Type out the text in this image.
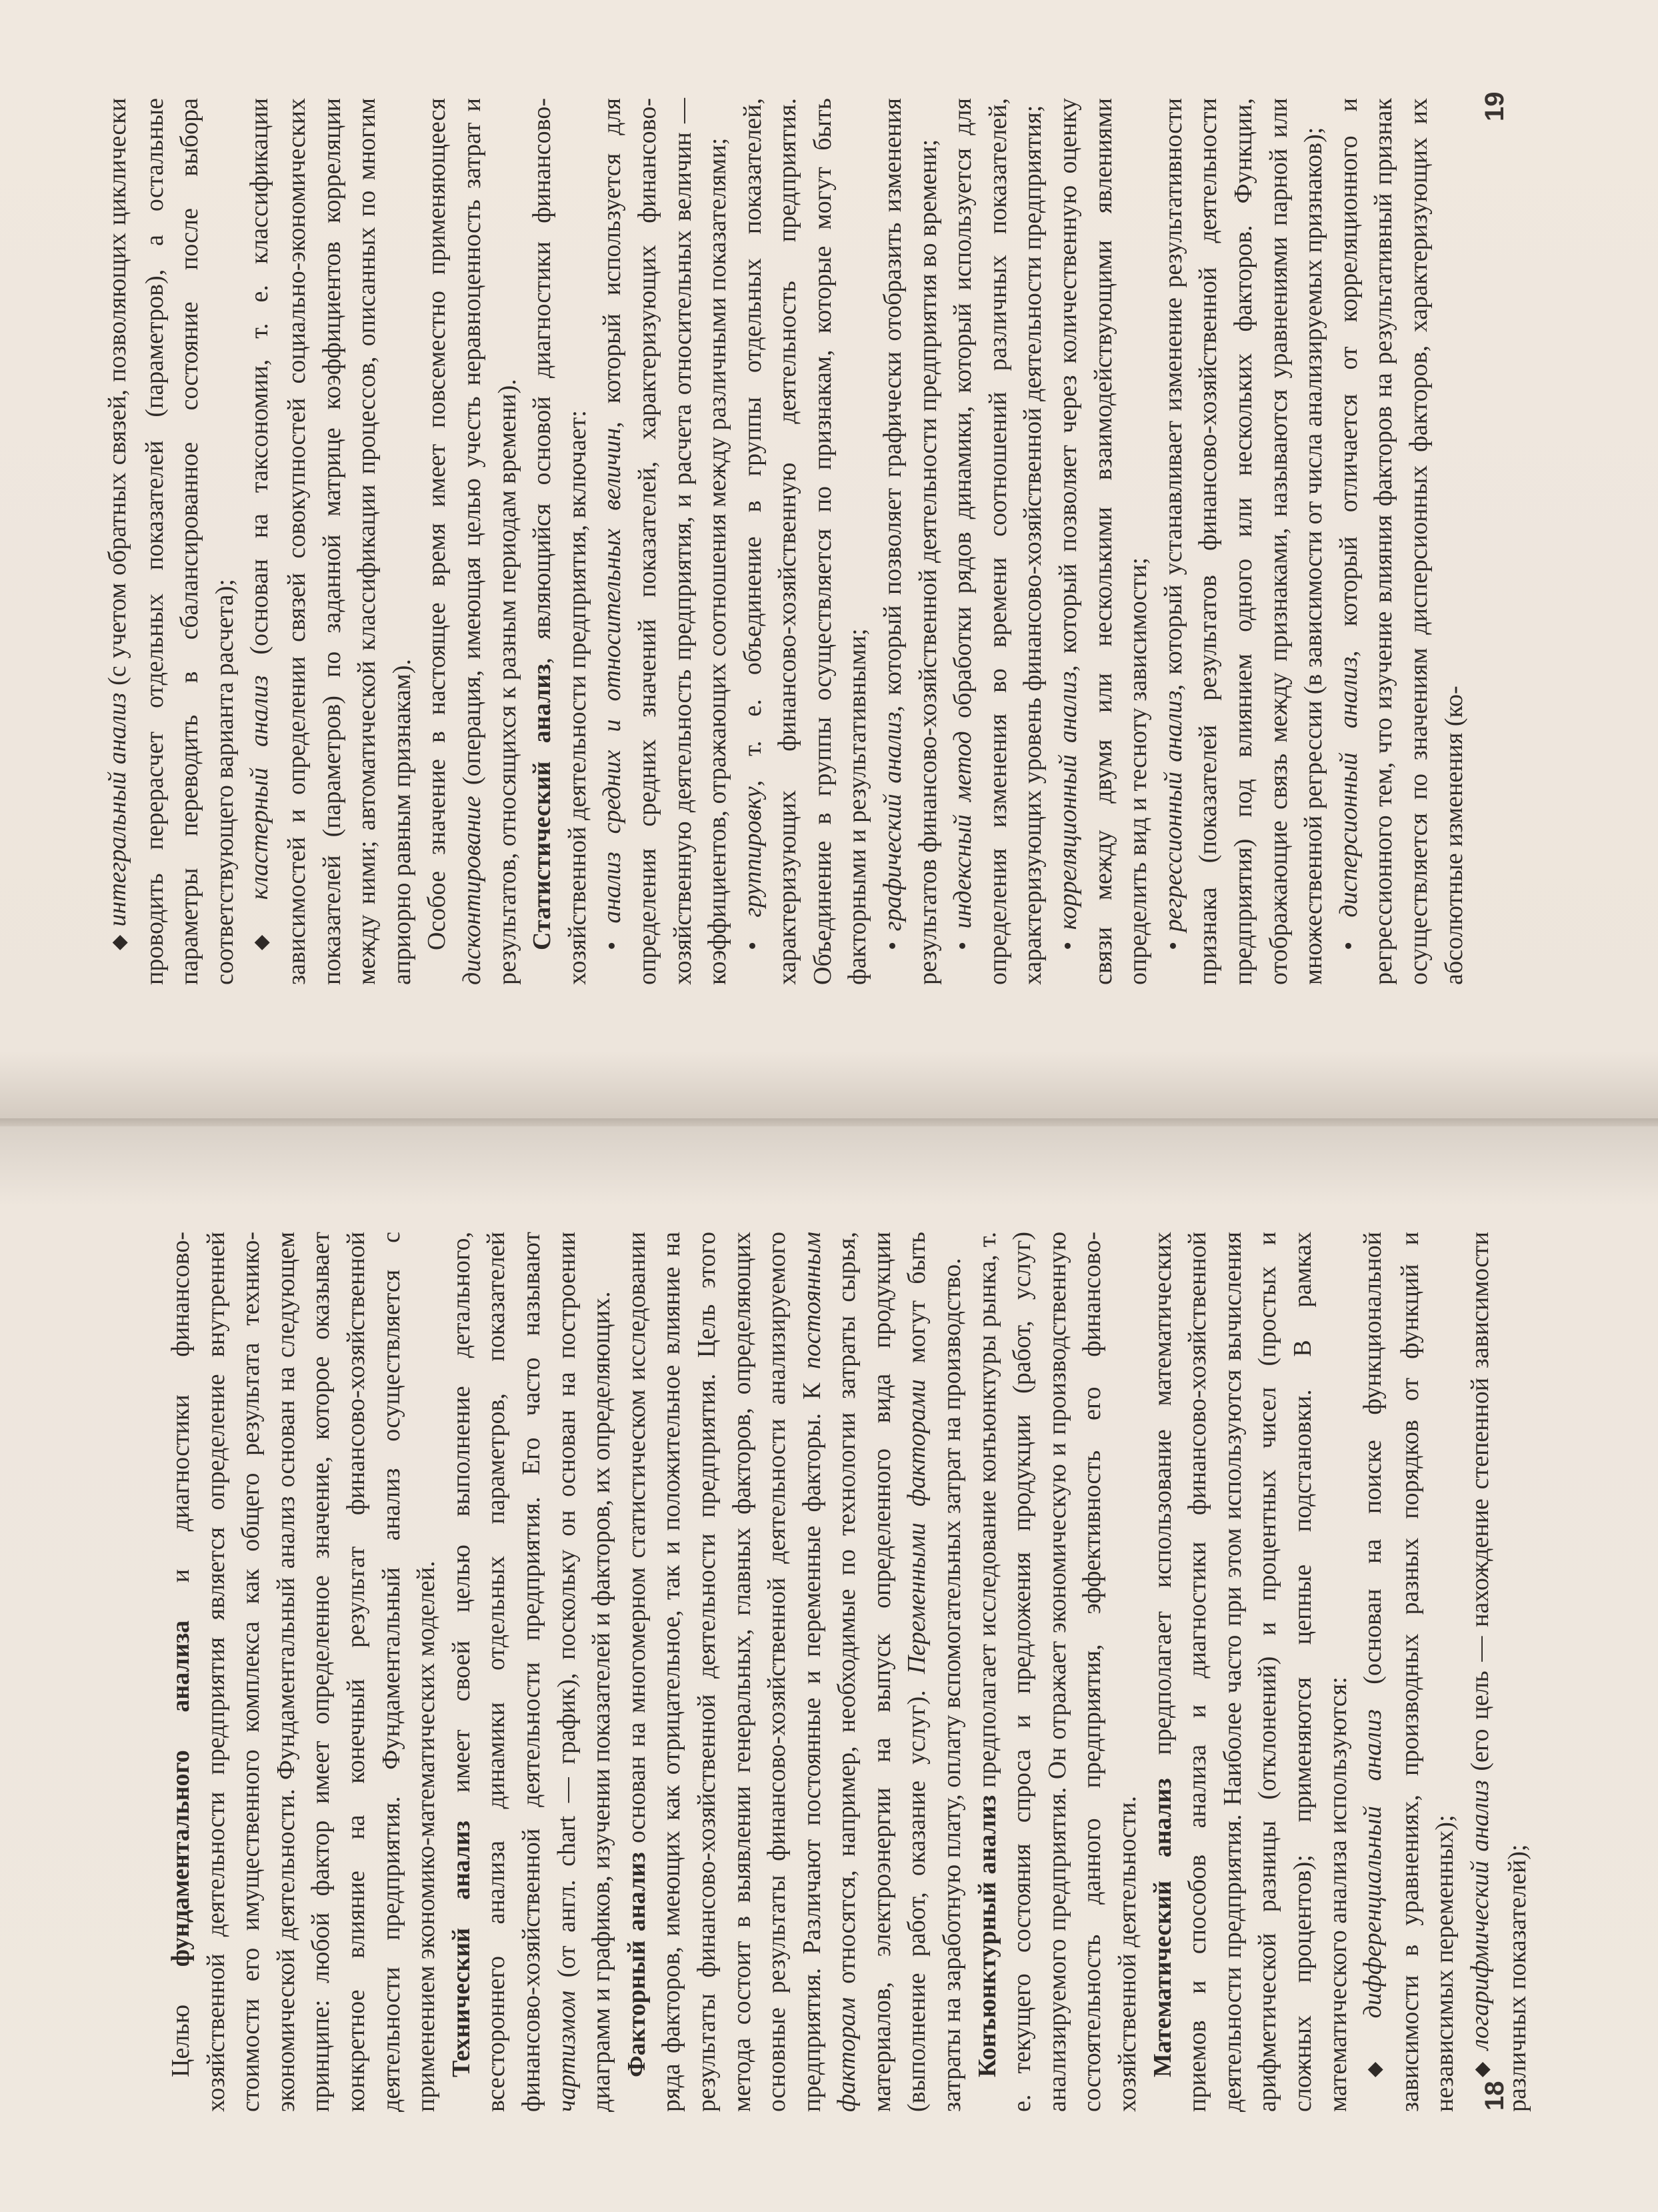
Целью фундаментального анализа и диагностики финансово-хозяйственной деятельности предприятия является определение внутренней стоимости его имущественного комплекса как общего результата технико-экономической деятельности. Фундаментальный анализ основан на следующем принципе: любой фактор имеет определенное значение, которое оказывает конкретное влияние на конечный результат финансово-хозяйственной деятельности предприятия. Фундаментальный анализ осуществляется с применением экономико-математических моделей. Технический анализ имеет своей целью выполнение детального, всестороннего анализа динамики отдельных параметров, показателей финансово-хозяйственной деятельности предприятия. Его часто называют чартизмом (от англ. chart — график), поскольку он основан на построении диаграмм и графиков, изучении показателей и факторов, их определяющих. Факторный анализ основан на многомерном статистическом исследовании ряда факторов, имеющих как отрицательное, так и положительное влияние на результаты финансово-хозяйственной деятельности предприятия. Цель этого метода состоит в выявлении генеральных, главных факторов, определяющих основные результаты финансово-хозяйственной деятельности анализируемого предприятия. Различают постоянные и переменные факторы. К постоянным факторам относятся, например, необходимые по технологии затраты сырья, материалов, электроэнергии на выпуск определенного вида продукции (выполнение работ, оказание услуг). Переменными факторами могут быть затраты на заработную плату, оплату вспомогательных затрат на производство. Конъюнктурный анализ предполагает исследование конъюнктуры рынка, т. е. текущего состояния спроса и предложения продукции (работ, услуг) анализируемого предприятия. Он отражает экономическую и производственную состоятельность данного предприятия, эффективность его финансово-хозяйственной деятельности. Математический анализ предполагает использование математических приемов и способов анализа и диагностики финансово-хозяйственной деятельности предприятия. Наиболее часто при этом используются вычисления арифметической разницы (отклонений) и процентных чисел (простых и сложных процентов); применяются цепные подстановки. В рамках математического анализа используются: ◆ дифференциальный анализ (основан на поиске функциональной зависимости в уравнениях, производных разных порядков от функций и независимых переменных); ◆ логарифмический анализ (его цель — нахождение степенной зависимости различных показателей);

18

◆ интегральный анализ (с учетом обратных связей, позволяющих циклически проводить перерасчет отдельных показателей (параметров), а остальные параметры переводить в сбалансированное состояние после выбора соответствующего варианта расчета); ◆ кластерный анализ (основан на таксономии, т. е. классификации зависимостей и определении связей совокупностей социально-экономических показателей (параметров) по заданной матрице коэффициентов корреляции между ними; автоматической классификации процессов, описанных по многим априорно равным признакам). Особое значение в настоящее время имеет повсеместно применяющееся дисконтирование (операция, имеющая целью учесть неравноценность затрат и результатов, относящихся к разным периодам времени). Статистический анализ, являющийся основой диагностики финансово-хозяйственной деятельности предприятия, включает: • анализ средних и относительных величин, который используется для определения средних значений показателей, характеризующих финансово-хозяйственную деятельность предприятия, и расчета относительных величин — коэффициентов, отражающих соотношения между различными показателями; • группировку, т. е. объединение в группы отдельных показателей, характеризующих финансово-хозяйственную деятельность предприятия. Объединение в группы осуществляется по признакам, которые могут быть факторными и результативными; • графический анализ, который позволяет графически отобразить изменения результатов финансово-хозяйственной деятельности предприятия во времени; • индексный метод обработки рядов динамики, который используется для определения изменения во времени соотношений различных показателей, характеризующих уровень финансово-хозяйственной деятельности предприятия; • корреляционный анализ, который позволяет через количественную оценку связи между двумя или несколькими взаимодействующими явлениями определить вид и тесноту зависимости; • регрессионный анализ, который устанавливает изменение результативности признака (показателей результатов финансово-хозяйственной деятельности предприятия) под влиянием одного или нескольких факторов. Функции, отображающие связь между признаками, называются уравнениями парной или множественной регрессии (в зависимости от числа анализируемых признаков); • дисперсионный анализ, который отличается от корреляционного и регрессионного тем, что изучение влияния факторов на результативный признак осуществляется по значениям дисперсионных факторов, характеризующих их абсолютные изменения (ко-

19
